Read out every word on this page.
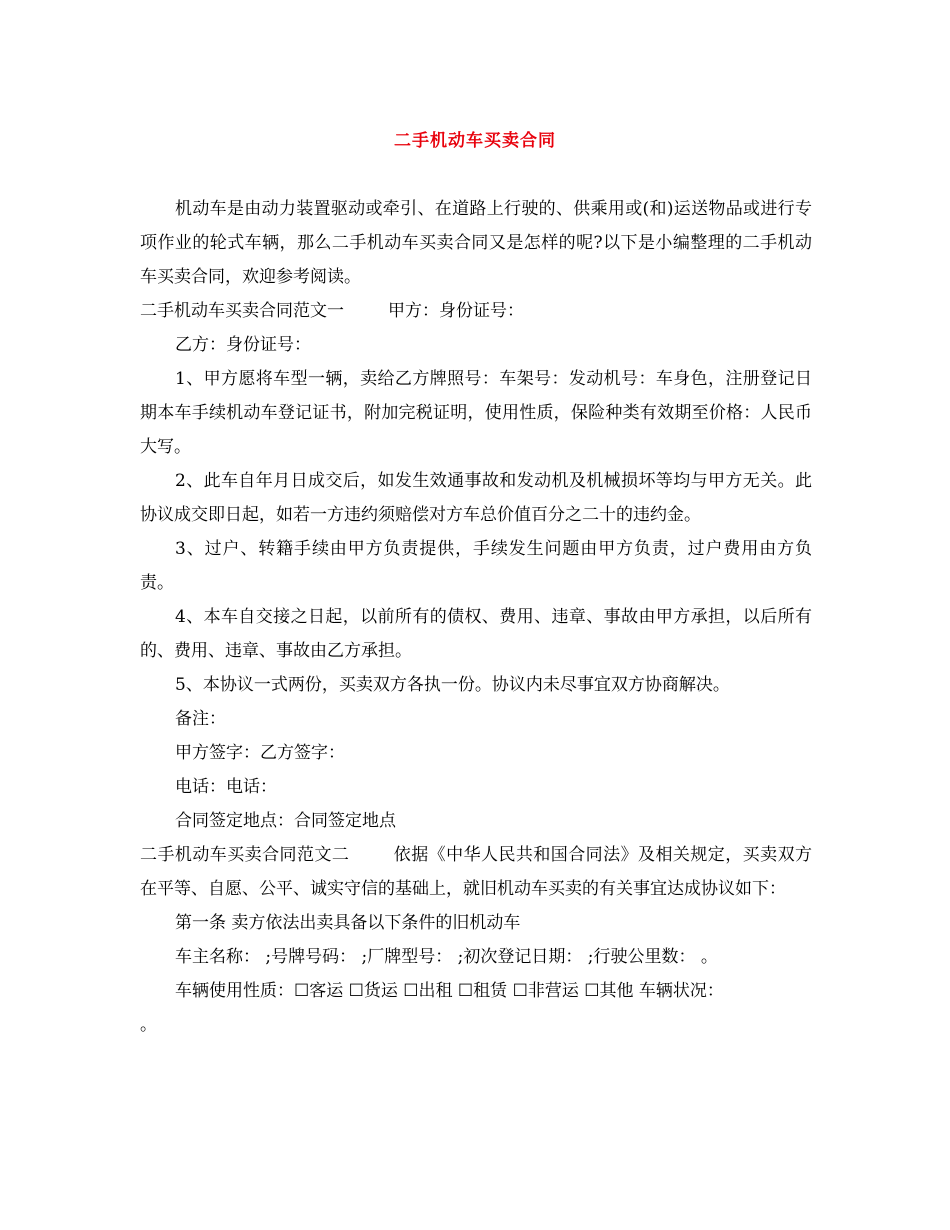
二手机动车买卖合同

机动车是由动力装置驱动或牵引、在道路上行驶的、供乘用或(和)运送物品或进行专项作业的轮式车辆，那么二手机动车买卖合同又是怎样的呢?以下是小编整理的二手机动车买卖合同，欢迎参考阅读。

二手机动车买卖合同范文一	甲方：身份证号：

乙方：身份证号：

1、甲方愿将车型一辆，卖给乙方牌照号：车架号：发动机号：车身色，注册登记日期本车手续机动车登记证书，附加完税证明，使用性质，保险种类有效期至价格：人民币大写。

2、此车自年月日成交后，如发生效通事故和发动机及机械损坏等均与甲方无关。此协议成交即日起，如若一方违约须赔偿对方车总价值百分之二十的违约金。

3、过户、转籍手续由甲方负责提供，手续发生问题由甲方负责，过户费用由方负责。

4、本车自交接之日起，以前所有的债权、费用、违章、事故由甲方承担，以后所有的、费用、违章、事故由乙方承担。

5、本协议一式两份，买卖双方各执一份。协议内未尽事宜双方协商解决。

备注：

甲方签字：乙方签字：

电话：电话：

合同签定地点：合同签定地点

二手机动车买卖合同范文二	依据《中华人民共和国合同法》及相关规定，买卖双方在平等、自愿、公平、诚实守信的基础上，就旧机动车买卖的有关事宜达成协议如下：

第一条 卖方依法出卖具备以下条件的旧机动车

车主名称： ;号牌号码： ;厂牌型号： ;初次登记日期： ;行驶公里数： 。

车辆使用性质：☐客运 ☐货运 ☐出租 ☐租赁 ☐非营运 ☐其他 车辆状况：

。
